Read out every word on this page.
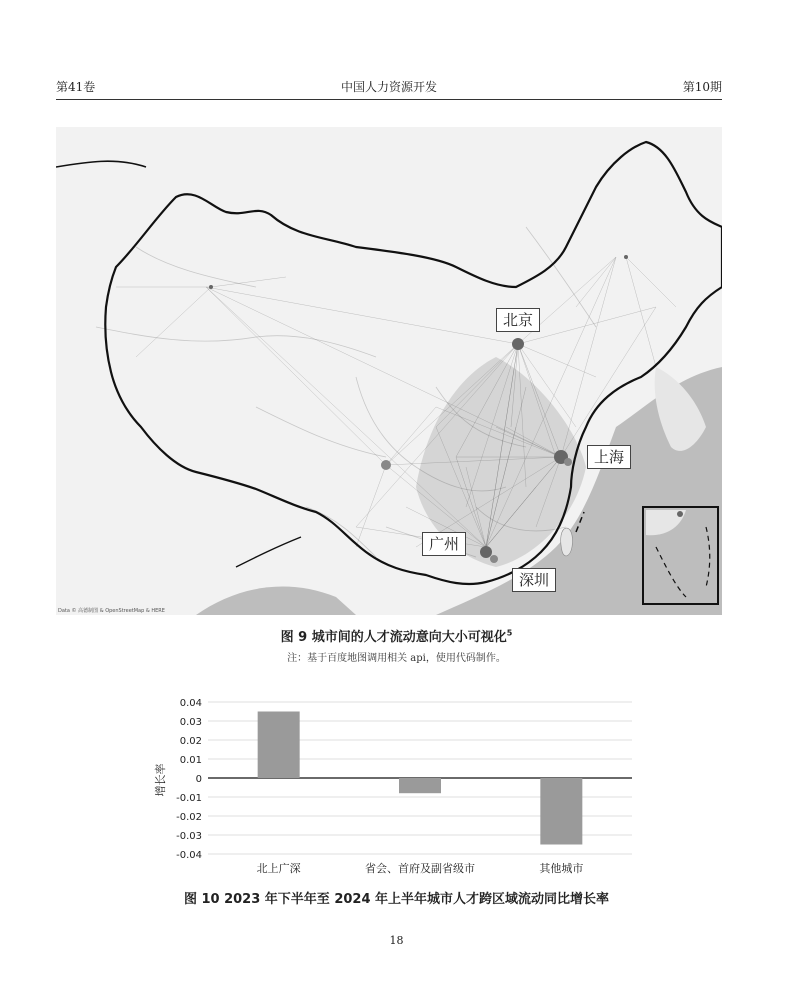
第41卷	中国人力资源开发	第10期
北京
上海
广州
深圳
Data © 高德制图 & OpenStreetMap & HERE
图 9 城市间的人才流动意向大小可视化$^5$
注：基于百度地图调用相关 api，使用代码制作。
0.04
0.03
0.02
0.01
0
-0.01
-0.02
-0.03
-0.04
北上广深	省会、首府及副省级市	其他城市
增长率
图 10 2023 年下半年至 2024 年上半年城市人才跨区域流动同比增长率
18
